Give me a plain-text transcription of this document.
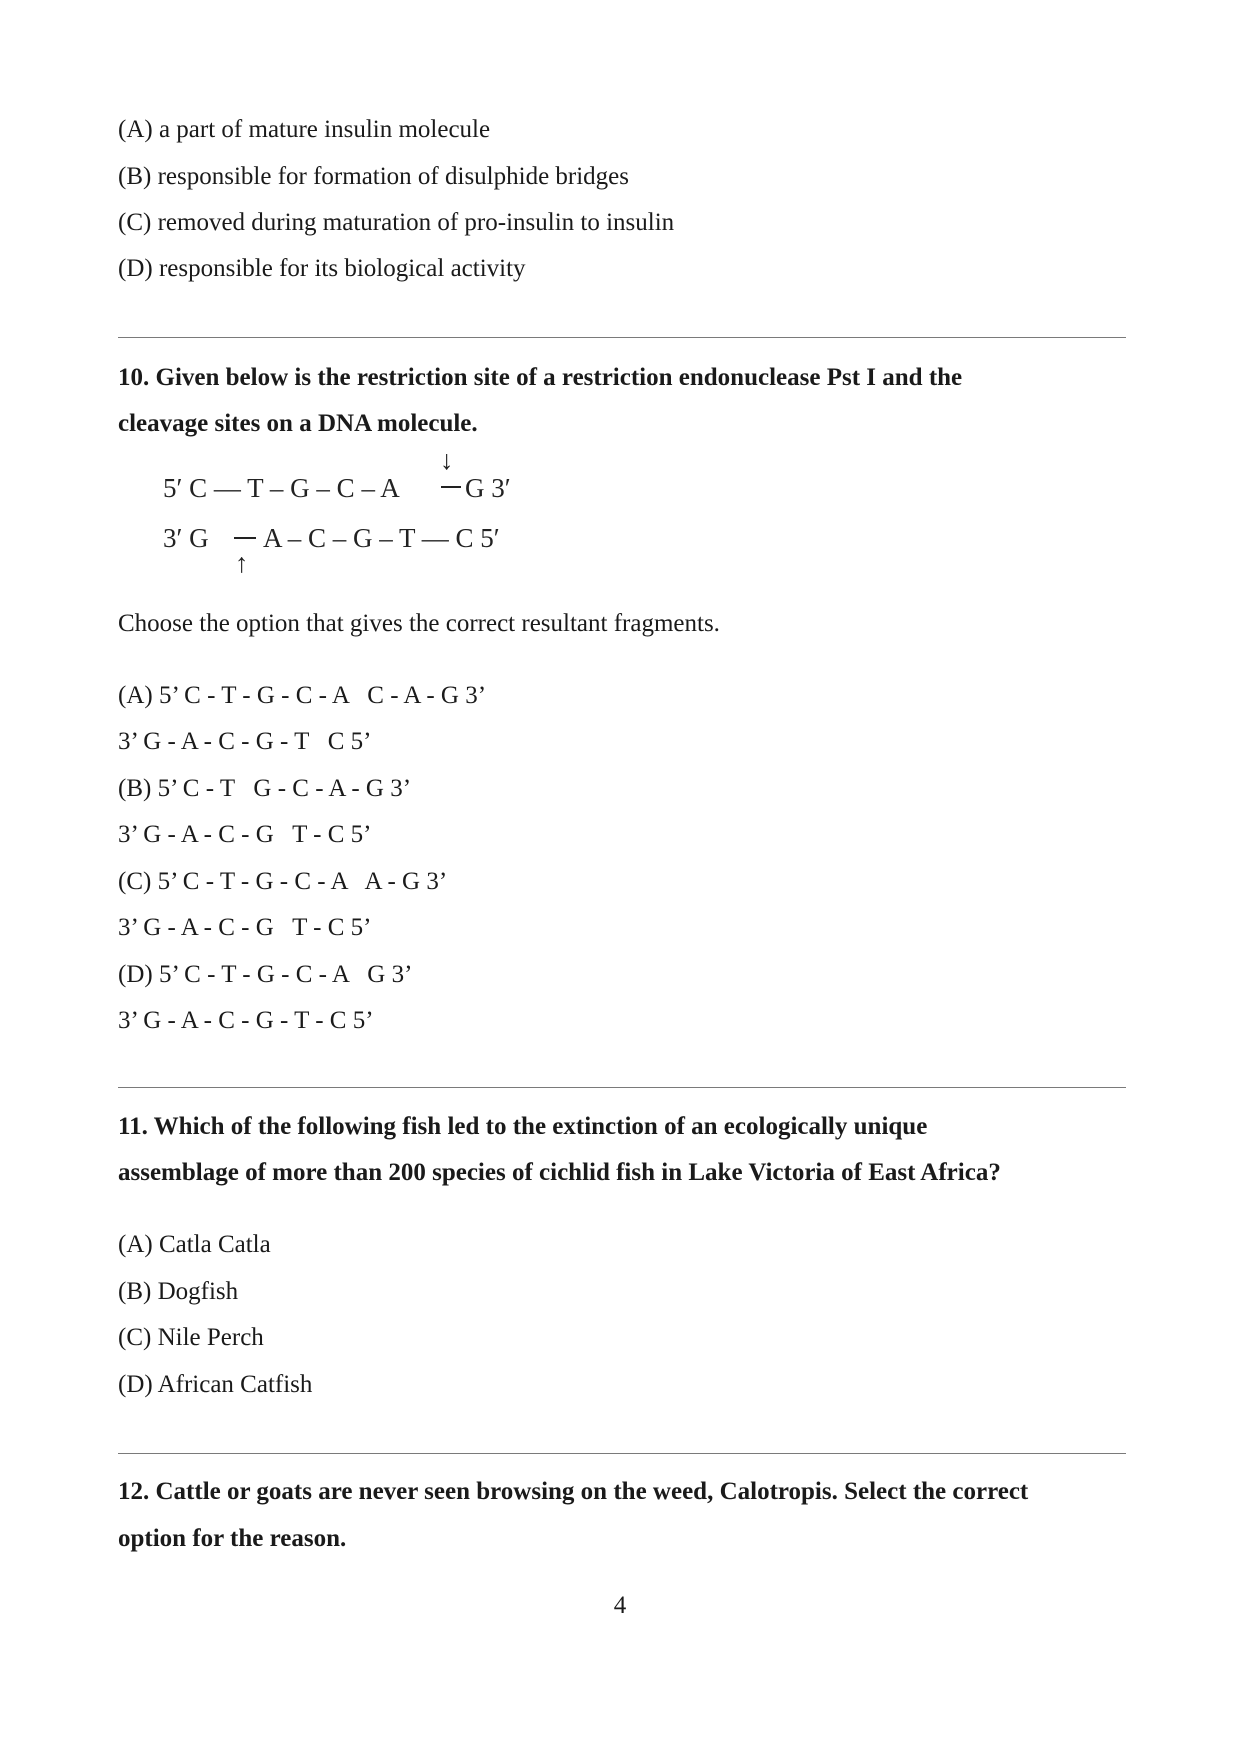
(A) a part of mature insulin molecule
(B) responsible for formation of disulphide bridges
(C) removed during maturation of pro-insulin to insulin
(D) responsible for its biological activity
10. Given below is the restriction site of a restriction endonuclease Pst I and the
cleavage sites on a DNA molecule.
5′ C — T – G – C – A G 3′
↓
3′ G A – C – G – T — C 5′
↑
Choose the option that gives the correct resultant fragments.
(A) 5’ C - T - G - C - A   C - A - G 3’
3’ G - A - C - G - T   C 5’
(B) 5’ C - T   G - C - A - G 3’
3’ G - A - C - G   T - C 5’
(C) 5’ C - T - G - C - A   A - G 3’
3’ G - A - C - G   T - C 5’
(D) 5’ C - T - G - C - A   G 3’
3’ G - A - C - G - T - C 5’
11. Which of the following fish led to the extinction of an ecologically unique
assemblage of more than 200 species of cichlid fish in Lake Victoria of East Africa?
(A) Catla Catla
(B) Dogfish
(C) Nile Perch
(D) African Catfish
12. Cattle or goats are never seen browsing on the weed, Calotropis. Select the correct
option for the reason.
4
